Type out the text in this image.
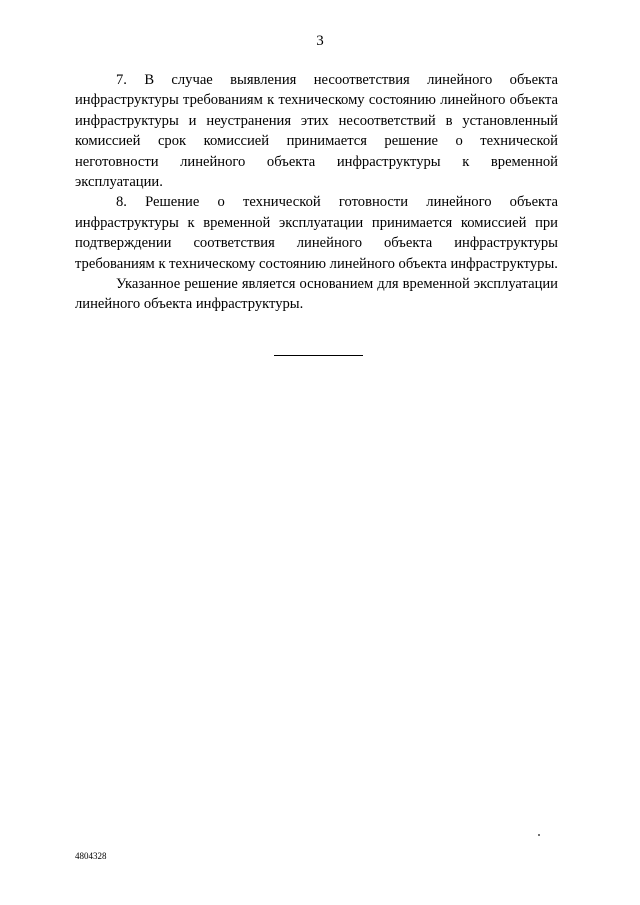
3

7. В случае выявления несоответствия линейного объекта инфраструктуры требованиям к техническому состоянию линейного объекта инфраструктуры и неустранения этих несоответствий в установленный комиссией срок комиссией принимается решение о технической неготовности линейного объекта инфраструктуры к временной эксплуатации.

8. Решение о технической готовности линейного объекта инфраструктуры к временной эксплуатации принимается комиссией при подтверждении соответствия линейного объекта инфраструктуры требованиям к техническому состоянию линейного объекта инфраструктуры.

Указанное решение является основанием для временной эксплуатации линейного объекта инфраструктуры.

4804328
